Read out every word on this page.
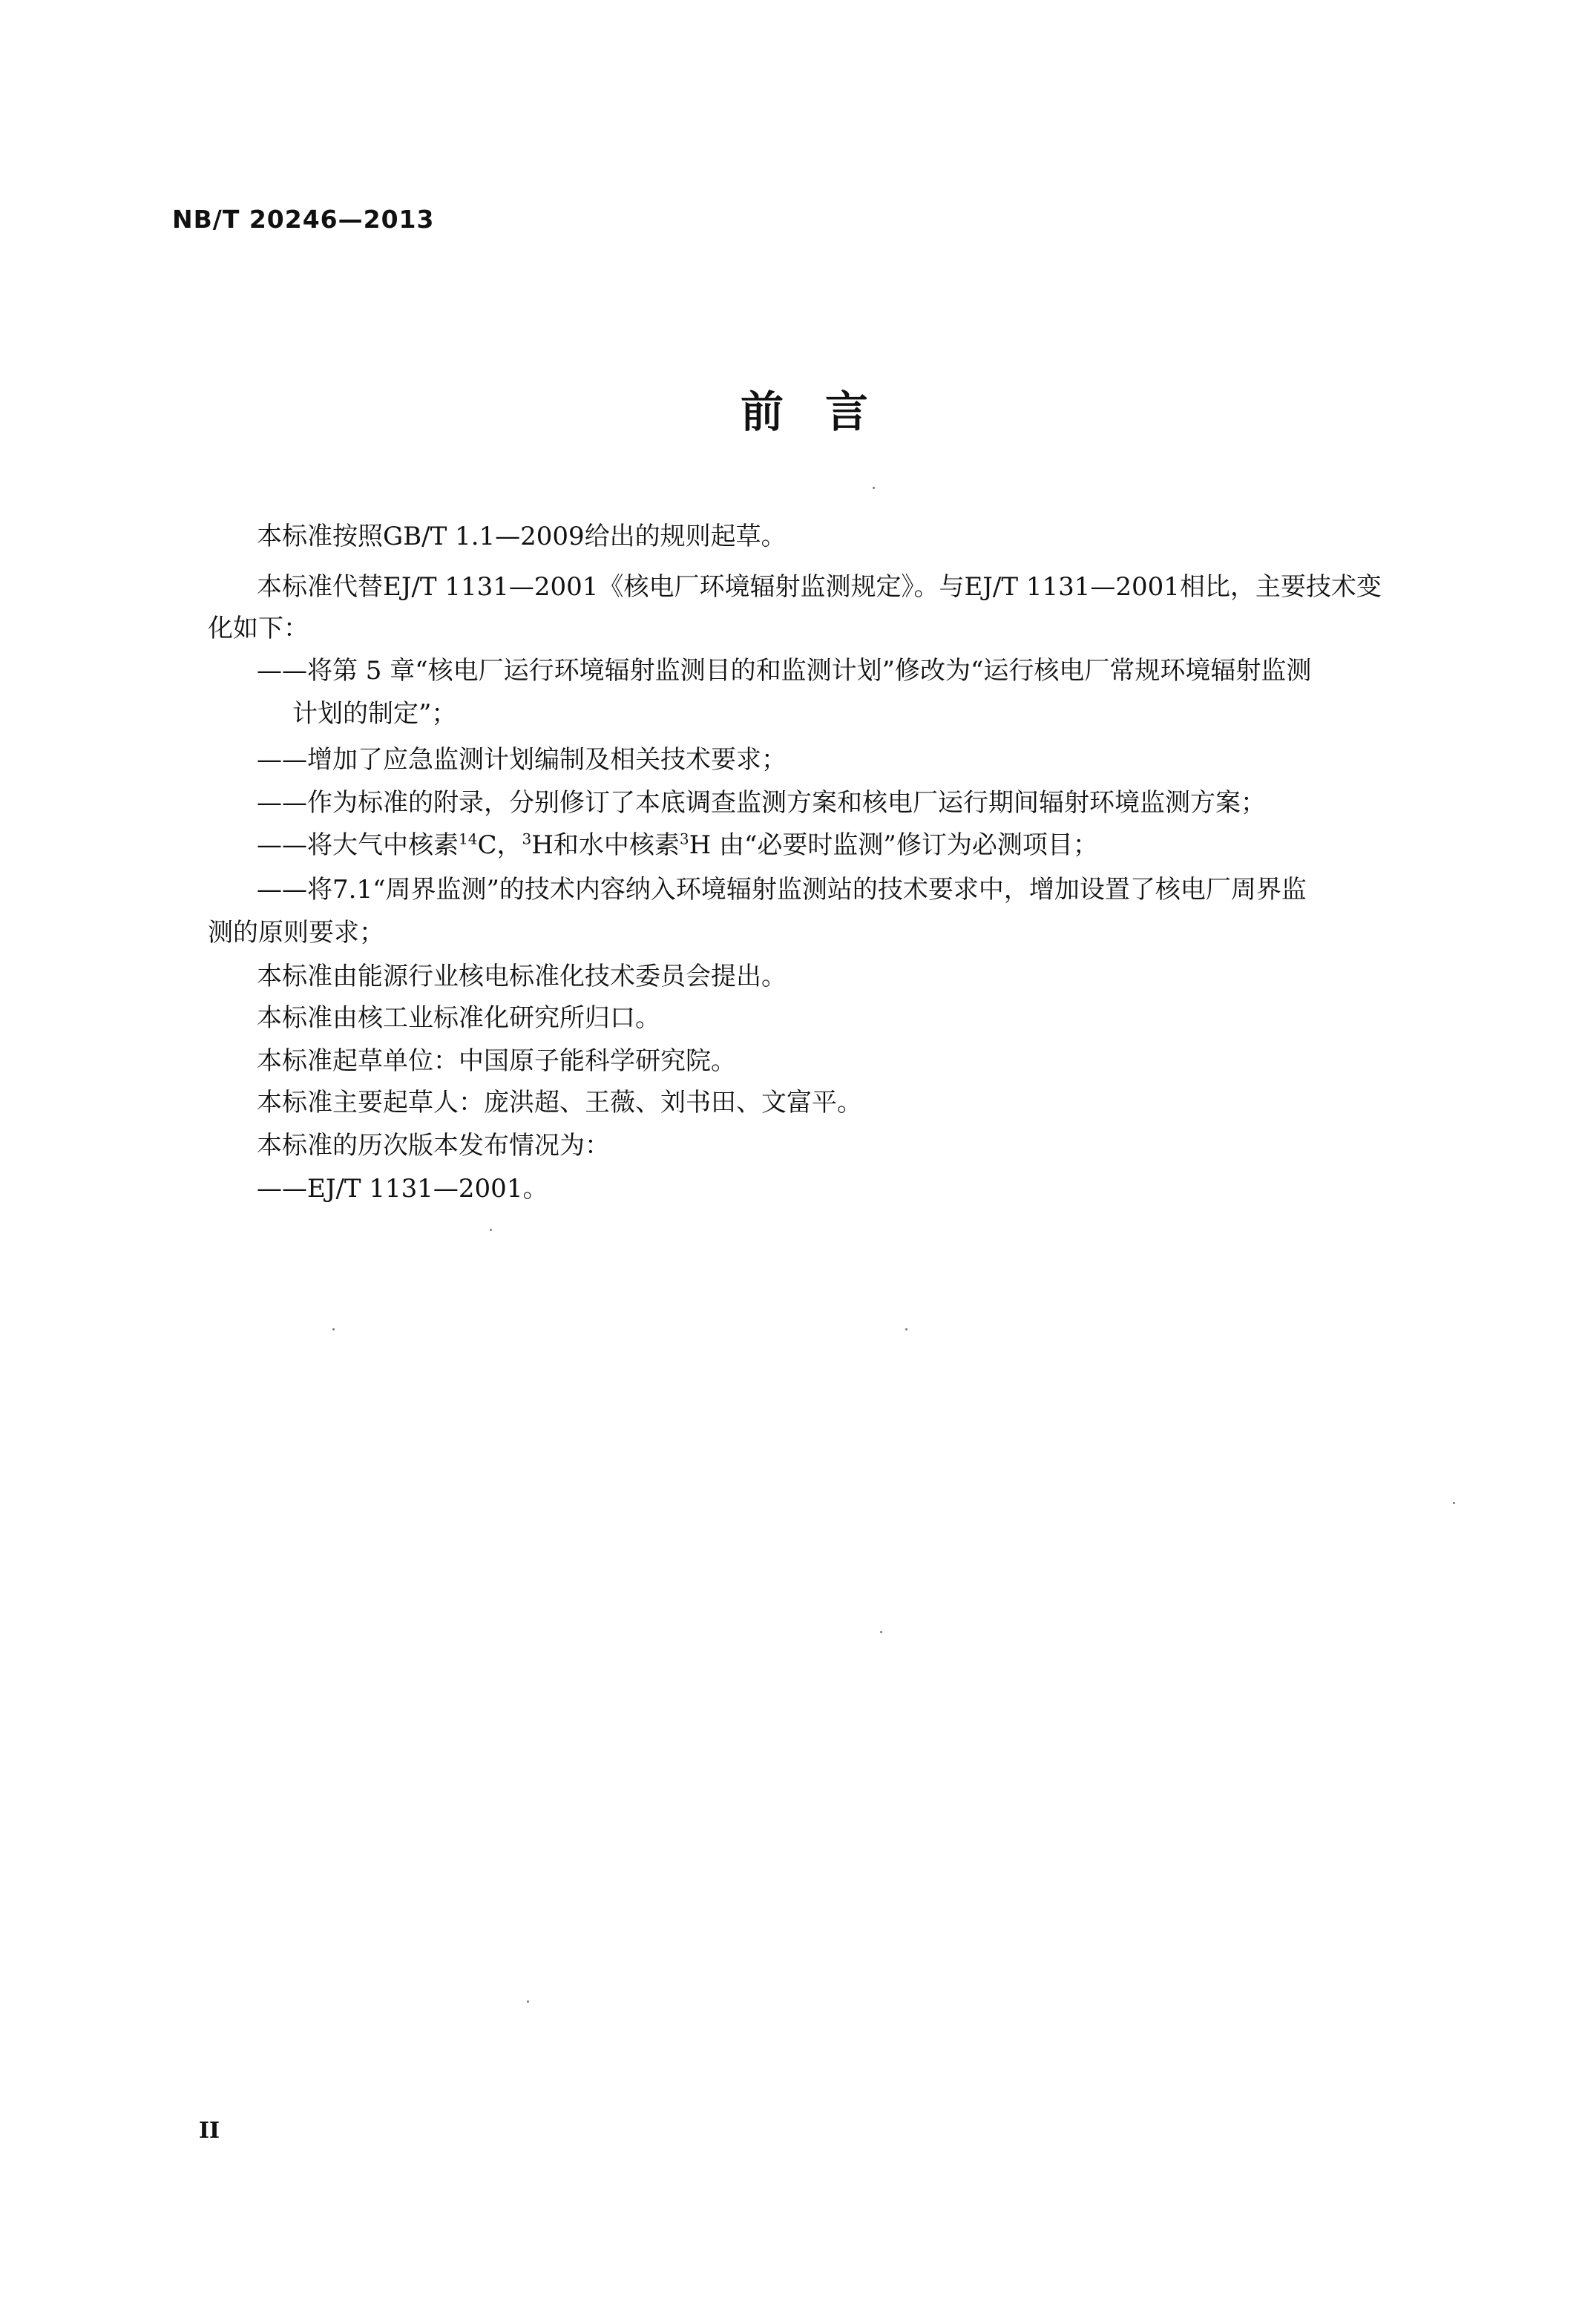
NB/T 20246—2013
前言
本标准按照GB/T 1.1—2009给出的规则起草。
本标准代替EJ/T 1131—2001《核电厂环境辐射监测规定》。与EJ/T 1131—2001相比，主要技术变
化如下：
——将第 5 章“核电厂运行环境辐射监测目的和监测计划”修改为“运行核电厂常规环境辐射监测
计划的制定”；
——增加了应急监测计划编制及相关技术要求；
——作为标准的附录，分别修订了本底调查监测方案和核电厂运行期间辐射环境监测方案；
——将大气中核素$^{14}$C，$^3$H和水中核素$^3$H 由“必要时监测”修订为必测项目；
——将7.1“周界监测”的技术内容纳入环境辐射监测站的技术要求中，增加设置了核电厂周界监
测的原则要求；
本标准由能源行业核电标准化技术委员会提出。
本标准由核工业标准化研究所归口。
本标准起草单位：中国原子能科学研究院。
本标准主要起草人：庞洪超、王薇、刘书田、文富平。
本标准的历次版本发布情况为：
——EJ/T 1131—2001。
II
